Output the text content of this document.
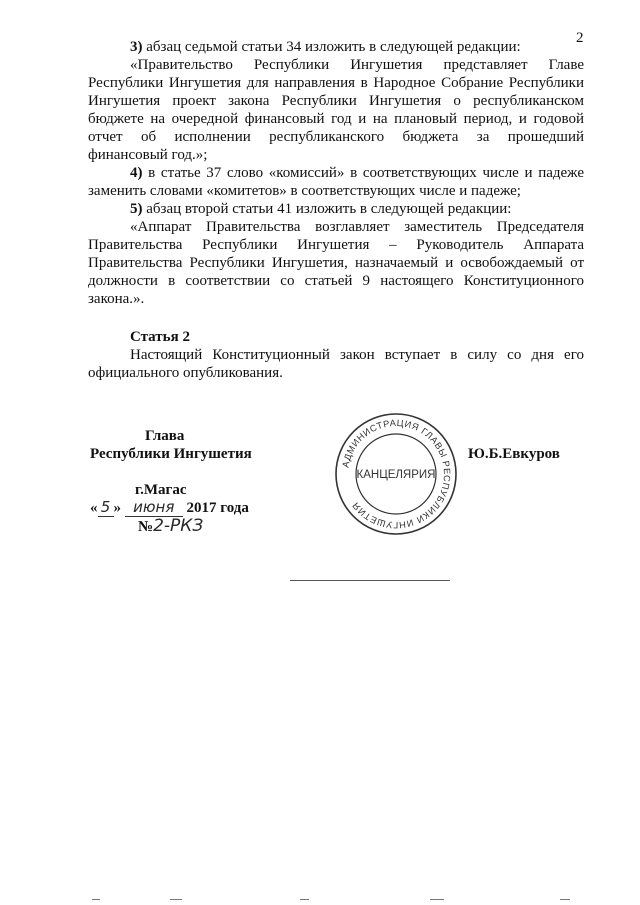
2
3) абзац седьмой статьи 34 изложить в следующей редакции:
«Правительство Республики Ингушетия представляет Главе
Республики Ингушетия для направления в Народное Собрание Республики
Ингушетия проект закона Республики Ингушетия о республиканском
бюджете на очередной финансовый год и на плановый период, и годовой
отчет об исполнении республиканского бюджета за прошедший
финансовый год.»;
4) в статье 37 слово «комиссий» в соответствующих числе и падеже
заменить словами «комитетов» в соответствующих числе и падеже;
5) абзац второй статьи 41 изложить в следующей редакции:
«Аппарат Правительства возглавляет заместитель Председателя
Правительства Республики Ингушетия – Руководитель Аппарата
Правительства Республики Ингушетия, назначаемый и освобождаемый от
должности в соответствии со статьей 9 настоящего Конституционного
закона.».
Статья 2
Настоящий Конституционный закон вступает в силу со дня его
официального опубликования.
Глава
Республики Ингушетия	Ю.Б.Евкуров
г.Магас
« 5 » июня 2017 года
№2-РКЗ
АДМИНИСТРАЦИЯ ГЛАВЫ РЕСПУБЛИКИ ИНГУШЕТИЯ
КАНЦЕЛЯРИЯ
